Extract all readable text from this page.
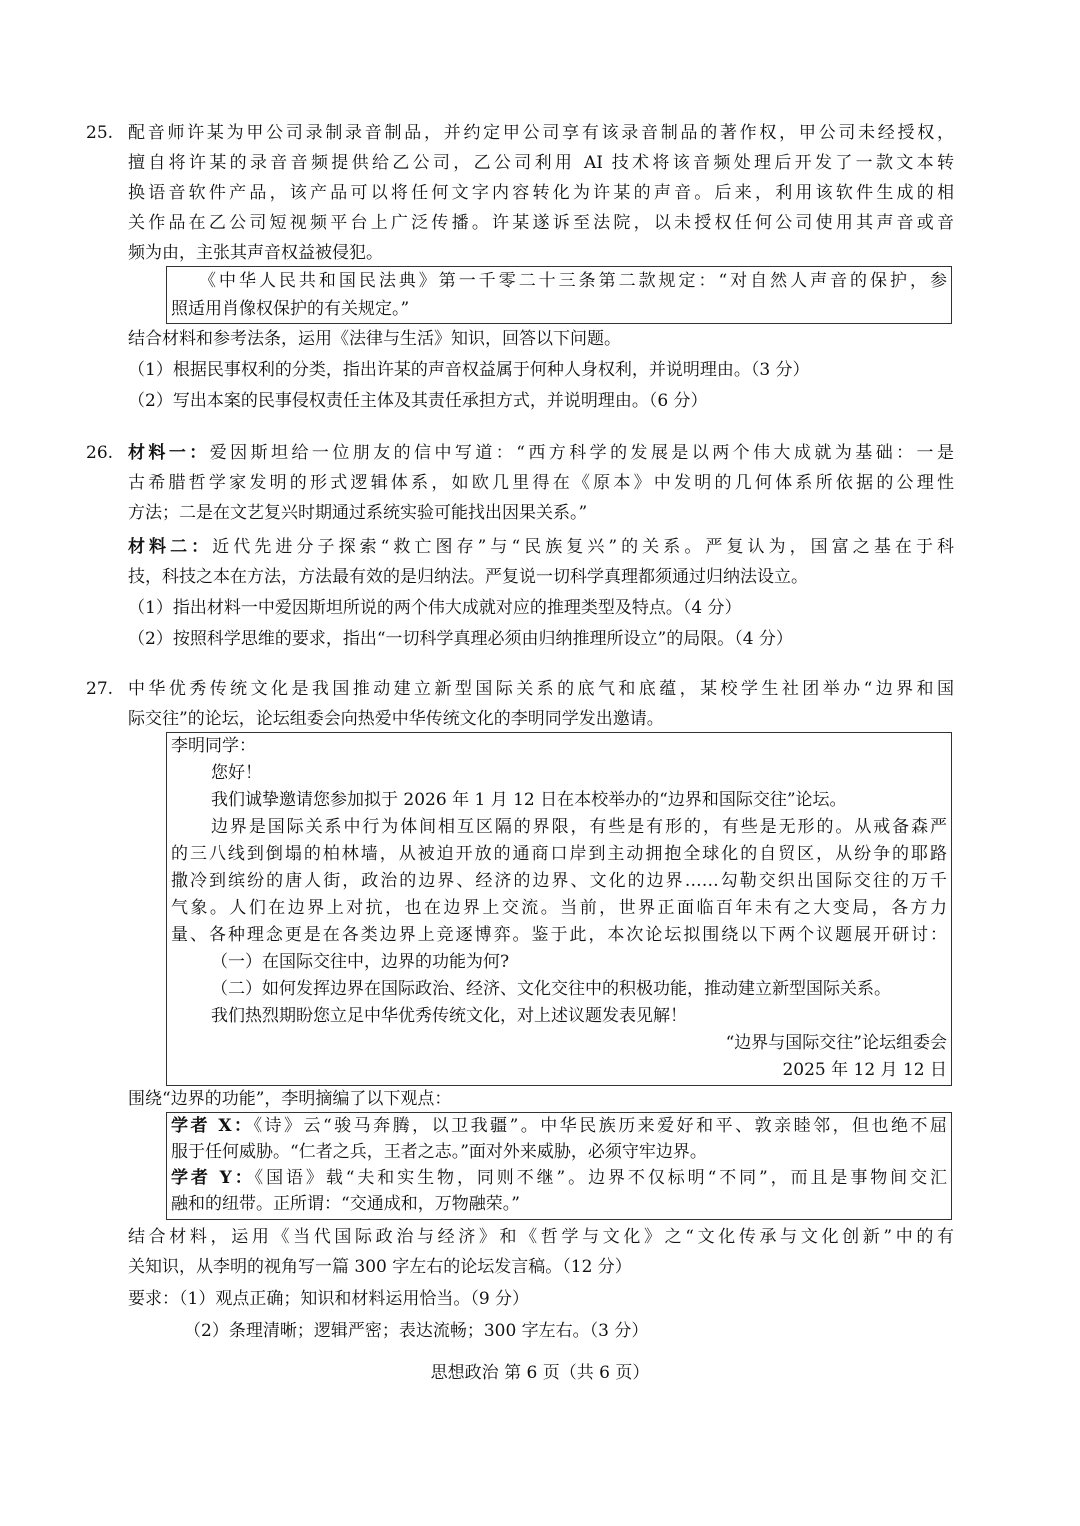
25. 配音师许某为甲公司录制录音制品，并约定甲公司享有该录音制品的著作权，甲公司未经授权，
擅自将许某的录音音频提供给乙公司，乙公司利用 AI 技术将该音频处理后开发了一款文本转
换语音软件产品，该产品可以将任何文字内容转化为许某的声音。后来，利用该软件生成的相
关作品在乙公司短视频平台上广泛传播。许某遂诉至法院，以未授权任何公司使用其声音或音
频为由，主张其声音权益被侵犯。
《中华人民共和国民法典》第一千零二十三条第二款规定：“对自然人声音的保护，参
照适用肖像权保护的有关规定。”
结合材料和参考法条，运用《法律与生活》知识，回答以下问题。
（1）根据民事权利的分类，指出许某的声音权益属于何种人身权利，并说明理由。（3 分）
（2）写出本案的民事侵权责任主体及其责任承担方式，并说明理由。（6 分）
26. 材料一：爱因斯坦给一位朋友的信中写道：“西方科学的发展是以两个伟大成就为基础：一是
古希腊哲学家发明的形式逻辑体系，如欧几里得在《原本》中发明的几何体系所依据的公理性
方法；二是在文艺复兴时期通过系统实验可能找出因果关系。”
材料二：近代先进分子探索“救亡图存”与“民族复兴”的关系。严复认为，国富之基在于科
技，科技之本在方法，方法最有效的是归纳法。严复说一切科学真理都须通过归纳法设立。
（1）指出材料一中爱因斯坦所说的两个伟大成就对应的推理类型及特点。（4 分）
（2）按照科学思维的要求，指出“一切科学真理必须由归纳推理所设立”的局限。（4 分）
27. 中华优秀传统文化是我国推动建立新型国际关系的底气和底蕴，某校学生社团举办“边界和国
际交往”的论坛，论坛组委会向热爱中华传统文化的李明同学发出邀请。
李明同学：
您好！
我们诚挚邀请您参加拟于 2026 年 1 月 12 日在本校举办的“边界和国际交往”论坛。
边界是国际关系中行为体间相互区隔的界限，有些是有形的，有些是无形的。从戒备森严
的三八线到倒塌的柏林墙，从被迫开放的通商口岸到主动拥抱全球化的自贸区，从纷争的耶路
撒冷到缤纷的唐人街，政治的边界、经济的边界、文化的边界……勾勒交织出国际交往的万千
气象。人们在边界上对抗，也在边界上交流。当前，世界正面临百年未有之大变局，各方力
量、各种理念更是在各类边界上竞逐博弈。鉴于此，本次论坛拟围绕以下两个议题展开研讨：
（一）在国际交往中，边界的功能为何?
（二）如何发挥边界在国际政治、经济、文化交往中的积极功能，推动建立新型国际关系。
我们热烈期盼您立足中华优秀传统文化，对上述议题发表见解！
“边界与国际交往”论坛组委会
2025 年 12 月 12 日
围绕“边界的功能”，李明摘编了以下观点：
学者 X：《诗》云“骏马奔腾，以卫我疆”。中华民族历来爱好和平、敦亲睦邻，但也绝不屈
服于任何威胁。“仁者之兵，王者之志。”面对外来威胁，必须守牢边界。
学者 Y：《国语》载“夫和实生物，同则不继”。边界不仅标明“不同”，而且是事物间交汇
融和的纽带。正所谓：“交通成和，万物融荣。”
结合材料，运用《当代国际政治与经济》和《哲学与文化》之“文化传承与文化创新”中的有
关知识，从李明的视角写一篇 300 字左右的论坛发言稿。（12 分）
要求：（1）观点正确；知识和材料运用恰当。（9 分）
（2）条理清晰；逻辑严密；表达流畅；300 字左右。（3 分）
思想政治 第 6 页（共 6 页）
